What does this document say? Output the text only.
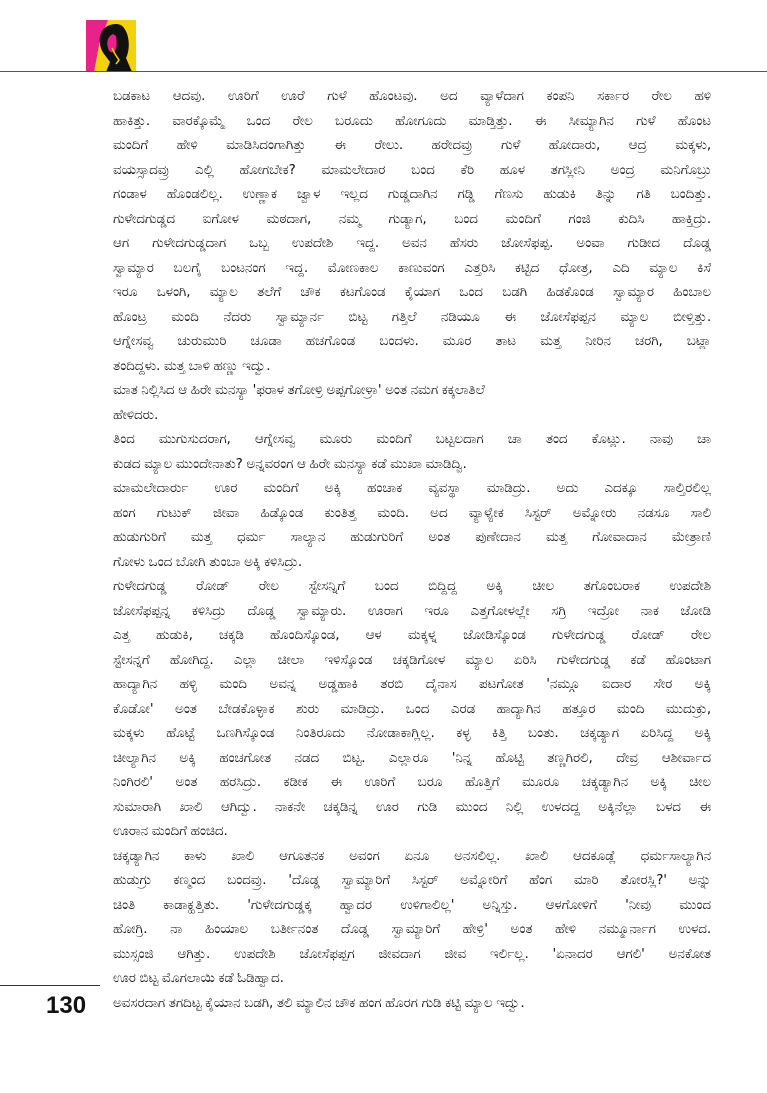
ಬಡಕಾಟ ಆದವು. ಊರಿಗೆ ಊರೆ ಗುಳೆ ಹೊಂಟವು. ಅದ ವ್ಯಾಳೆದಾಗ ಕಂಪನಿ ಸರ್ಕಾರ ರೇಲ ಹಳಿ
ಹಾಕಿತ್ತು. ವಾರಕ್ಕೊಮ್ಮೆ ಒಂದ ರೇಲ ಬರೂದು ಹೋಗೂದು ಮಾಡ್ತಿತ್ತು. ಈ ಸೀಮ್ಯಾಗಿನ ಗುಳೆ ಹೊಂಟ
ಮಂದಿಗೆ ಹೇಳಿ ಮಾಡಿಸಿದಂಗಾಗಿತ್ತು ಈ ರೇಲು. ಹರೇದವ್ರು ಗುಳೆ ಹೋದಾರು, ಆದ್ರ ಮಕ್ಕಳು,
ವಯಸ್ಸಾದವ್ರು ಎಲ್ಲಿ ಹೋಗಬೇಕ? ಮಾಮಲೇದಾರ ಬಂದ ಕೆರಿ ಹೂಳ ತಗಸ್ಲೀನಿ ಅಂದ್ರ ಮನಿಗೊಬ್ರು
ಗಂಡಾಳ ಹೊಂಡಲಿಲ್ಲ. ಉಣ್ಣಾಕ ಜ್ವಾಳ ಇಲ್ಲದ ಗುಡ್ಡದಾಗಿನ ಗಡ್ಡಿ ಗೆಣಸು ಹುಡುಕಿ ತಿನ್ನು ಗತಿ ಬಂದಿತ್ತು.
ಗುಳೇದಗುಡ್ಡದ ಐಗೋಳ ಮಠದಾಗ, ನಮ್ಮ ಗುಡ್ಯಾಗ, ಬಂದ ಮಂದಿಗೆ ಗಂಜಿ ಕುದಿಸಿ ಹಾಕ್ತಿದ್ರು.
ಆಗ ಗುಳೇದಗುಡ್ಡದಾಗ ಒಬ್ಬ ಉಪದೇಶಿ ಇದ್ದ. ಅವನ ಹೆಸರು ಜೋಸೆಫಪ್ಪ. ಅಂವಾ ಗುಡೀದ ದೊಡ್ಡ
ಸ್ವಾಮ್ಯಾರ ಬಲಗೈ ಬಂಟನಂಗ ಇದ್ದ. ಮೋಣಕಾಲ ಕಾಣುವಂಗ ಎತ್ತರಿಸಿ ಕಟ್ಟಿದ ಧೋತ್ರ, ಎದಿ ಮ್ಯಾಲ ಕಿಸೆ
ಇರೂ ಒಳಂಗಿ, ಮ್ಯಾಲ ತಲೆಗೆ ಚೌಕ ಕಟಗೊಂಡ ಕೈಯಾಗ ಒಂದ ಬಡಗಿ ಹಿಡಕೊಂಡ ಸ್ವಾಮ್ಯಾರ ಹಿಂಬಾಲ
ಹೊಂಟ್ರ ಮಂದಿ ನೆದರು ಸ್ವಾಮ್ಯಾರ್ನ ಬಿಟ್ಟ ಗತ್ತಿಲೆ ನಡಿಯೂ ಈ ಜೋಸೆಫಪ್ಪನ ಮ್ಯಾಲ ಬೀಳ್ತಿತ್ತು.
ಆಗ್ನೇಸವ್ವ ಚುರುಮುರಿ ಚೂಡಾ ಹಚಗೊಂಡ ಬಂದಳು. ಮೂರ ತಾಟ ಮತ್ತ ನೀರಿನ ಚರಗಿ, ಬಟ್ಲಾ
ತಂದಿದ್ದಳು. ಮತ್ತ ಬಾಳಿ ಹಣ್ಣು ಇದ್ವು.
ಮಾತ ನಿಲ್ಲಿಸಿದ ಆ ಹಿರೇ ಮನಸ್ಯಾ 'ಫರಾಳ ತಗೋಳ್ರಿ ಅಪ್ಪಗೋಳ್ರಾ' ಅಂತ ನಮಗ ಕಕ್ಕಲಾತಿಲೆ
ಹೇಳಿದರು.
ತಿಂದ ಮುಗುಸುದರಾಗ, ಆಗ್ನೇಸವ್ವ ಮೂರು ಮಂದಿಗೆ ಬಟ್ಟಲದಾಗ ಚಾ ತಂದ ಕೊಟ್ಲು. ನಾವು ಚಾ
ಕುಡದ ಮ್ಯಾಲ ಮುಂದೇನಾತು? ಅನ್ನವರಂಗ ಆ ಹಿರೇ ಮನಸ್ಯಾ ಕಡೆ ಮುಖಾ ಮಾಡಿದ್ವಿ.
ಮಾಮಲೇದಾರ್ರು ಊರ ಮಂದಿಗೆ ಅಕ್ಕಿ ಹಂಚಾಕ ವ್ಯವಸ್ಥಾ ಮಾಡಿದ್ರು. ಅದು ಎದಕ್ಕೂ ಸಾಲ್ತಿರಲಿಲ್ಲ
ಹಂಗ ಗುಟುಕ್ ಜೀವಾ ಹಿಡ್ಕೊಂಡ ಕುಂತಿತ್ತ ಮಂದಿ. ಅದ ವ್ಯಾಳ್ಯೇಕ ಸಿಸ್ಟರ್ ಅಮ್ನೋರು ನಡಸೂ ಸಾಲಿ
ಹುಡುಗುರಿಗೆ ಮತ್ತ ಧರ್ಮ ಸಾಲ್ಯಾನ ಹುಡುಗುರಿಗೆ ಅಂತ ಪುಣೇದಾನ ಮತ್ತ ಗೋವಾದಾನ ಮೇತ್ರಾಣಿ
ಗೋಳು ಒಂದ ಬೋಗಿ ತುಂಬಾ ಅಕ್ಕಿ ಕಳಿಸಿದ್ರು.
ಗುಳೇದಗುಡ್ಡ ರೋಡ್ ರೇಲ ಸ್ಟೇಸನ್ನಿಗೆ ಬಂದ ಬಿದ್ದಿದ್ದ ಅಕ್ಕಿ ಚೀಲ ತಗೊಂಬರಾಕ ಉಪದೇಶಿ
ಜೋಸೆಫಪ್ಪನ್ನ ಕಳಿಸಿದ್ರು ದೊಡ್ಡ ಸ್ವಾಮ್ಯಾರು. ಊರಾಗ ಇರೂ ಎತ್ತಗೋಳಲ್ಲೇ ಸಗ್ರಿ ಇದ್ರೋ ನಾಕ ಜೋಡಿ
ಎತ್ತ ಹುಡುಕಿ, ಚಕ್ಕಡಿ ಹೊಂದಿಸ್ಕೊಂಡ, ಆಳ ಮಕ್ಕಳ್ನ ಜೋಡಿಸ್ಕೊಂಡ ಗುಳೇದಗುಡ್ಡ ರೋಡ್ ರೇಲ
ಸ್ಟೇಸನ್ನಗೆ ಹೋಗಿದ್ದ. ಎಲ್ಲಾ ಚೀಲಾ ಇಳಿಸ್ಕೊಂಡ ಚಕ್ಕಡಿಗೋಳ ಮ್ಯಾಲ ಏರಿಸಿ ಗುಳೇದಗುಡ್ಡ ಕಡೆ ಹೊಂಟಾಗ
ಹಾದ್ಯಾಗಿನ ಹಳ್ಳಿ ಮಂದಿ ಅವನ್ನ ಅಡ್ಡಹಾಕಿ ತರಬಿ ದೈನಾಸ ಪಟಗೋತ 'ನಮ್ಗೂ ಐದಾರ ಸೇರ ಅಕ್ಕಿ
ಕೊಡೋ' ಅಂತ ಬೇಡಕೊಳ್ಳಾಕ ಶುರು ಮಾಡಿದ್ರು. ಒಂದ ಎರಡ ಹಾದ್ಯಾಗಿನ ಹತ್ತೂರ ಮಂದಿ ಮುದುಕ್ರು,
ಮಕ್ಕಳು ಹೊಟ್ಟೆ ಒಣಗಿಸ್ಕೊಂಡ ನಿಂತಿರೂದು ನೋಡಾಕಾಗ್ಲಿಲ್ಲ. ಕಳ್ಳ ಕಿತ್ತಿ ಬಂತು. ಚಕ್ಕಡ್ಯಾಗ ಏರಿಸಿದ್ದ ಅಕ್ಕಿ
ಚೀಲ್ಯಾಗಿನ ಅಕ್ಕಿ ಹಂಚಗೋತ ನಡದ ಬಿಟ್ಟ. ಎಲ್ಲಾರೂ 'ನಿನ್ನ ಹೊಟ್ಟಿ ತಣ್ಣಗಿರಲಿ, ದೇವ್ರ ಆಶೀರ್ವಾದ
ನಿಂಗಿರಲಿ' ಅಂತ ಹರಸಿದ್ರು. ಕಡೀಕ ಈ ಊರಿಗೆ ಬರೂ ಹೊತ್ತಿಗೆ ಮೂರೂ ಚಕ್ಕಡ್ಯಾಗಿನ ಅಕ್ಕಿ ಚೀಲ
ಸುಮಾರಾಗಿ ಖಾಲಿ ಆಗಿದ್ವು. ನಾಕನೇ ಚಕ್ಕಡಿನ್ನ ಊರ ಗುಡಿ ಮುಂದ ನಿಲ್ಲಿ ಉಳದದ್ದ ಅಕ್ಕಿನೆಲ್ಲಾ ಬಳದ ಈ
ಊರಾನ ಮಂದಿಗೆ ಹಂಚಿದ.
ಚಕ್ಕಡ್ಯಾಗಿನ ಕಾಳು ಖಾಲಿ ಆಗೂತನಕ ಅವಂಗ ಏನೂ ಅನಸಲಿಲ್ಲ. ಖಾಲಿ ಆದಕೂಡ್ಲೆ ಧರ್ಮಸಾಲ್ಯಾಗಿನ
ಹುಡುಗ್ರು ಕಣ್ಮಂದ ಬಂದವ್ರು. 'ದೊಡ್ಡ ಸ್ವಾಮ್ಯಾರಿಗೆ ಸಿಸ್ಟರ್ ಅಮ್ನೋರಿಗೆ ಹೆಂಗ ಮಾರಿ ತೋರಸ್ಲಿ?' ಅನ್ನು
ಚಿಂತಿ ಕಾಡಾಕ್ಹತ್ತಿತು. 'ಗುಳೇದಗುಡ್ಡಕ್ಕ ಹ್ವಾದರ ಉಳಿಗಾಲಿಲ್ಲ' ಅನ್ನಿಸ್ತು. ಆಳಗೋಳಿಗೆ 'ನೀವು ಮುಂದ
ಹೋಗ್ರಿ. ನಾ ಹಿಂಯಾಲ ಬರ್ತೀನಂತ ದೊಡ್ಡ ಸ್ವಾಮ್ಯಾರಿಗೆ ಹೇಳ್ರಿ' ಅಂತ ಹೇಳಿ ನಮ್ಮೂರ್ನಾಗ ಉಳದ.
ಮುಸ್ಸಂಜಿ ಆಗಿತ್ತು. ಉಪದೇಶಿ ಜೋಸೆಫಪ್ಪಗ ಜೀವದಾಗ ಜೀವ ಇರ್ಲಿಲ್ಲ. 'ಏನಾದರ ಆಗಲಿ' ಅನಕೋತ
ಊರ ಬಿಟ್ಟ ಮೊಗಲಾಯಿ ಕಡೆ ಓಡಿಹ್ವಾದ.
ಅವಸರದಾಗ ತಗದಿಟ್ಟ ಕೈಯಾನ ಬಡಗಿ, ತಲಿ ಮ್ಯಾಲಿನ ಚೌಕ ಹಂಗ ಹೊರಗ ಗುಡಿ ಕಟ್ಟಿ ಮ್ಯಾಲ ಇದ್ವು.
130
